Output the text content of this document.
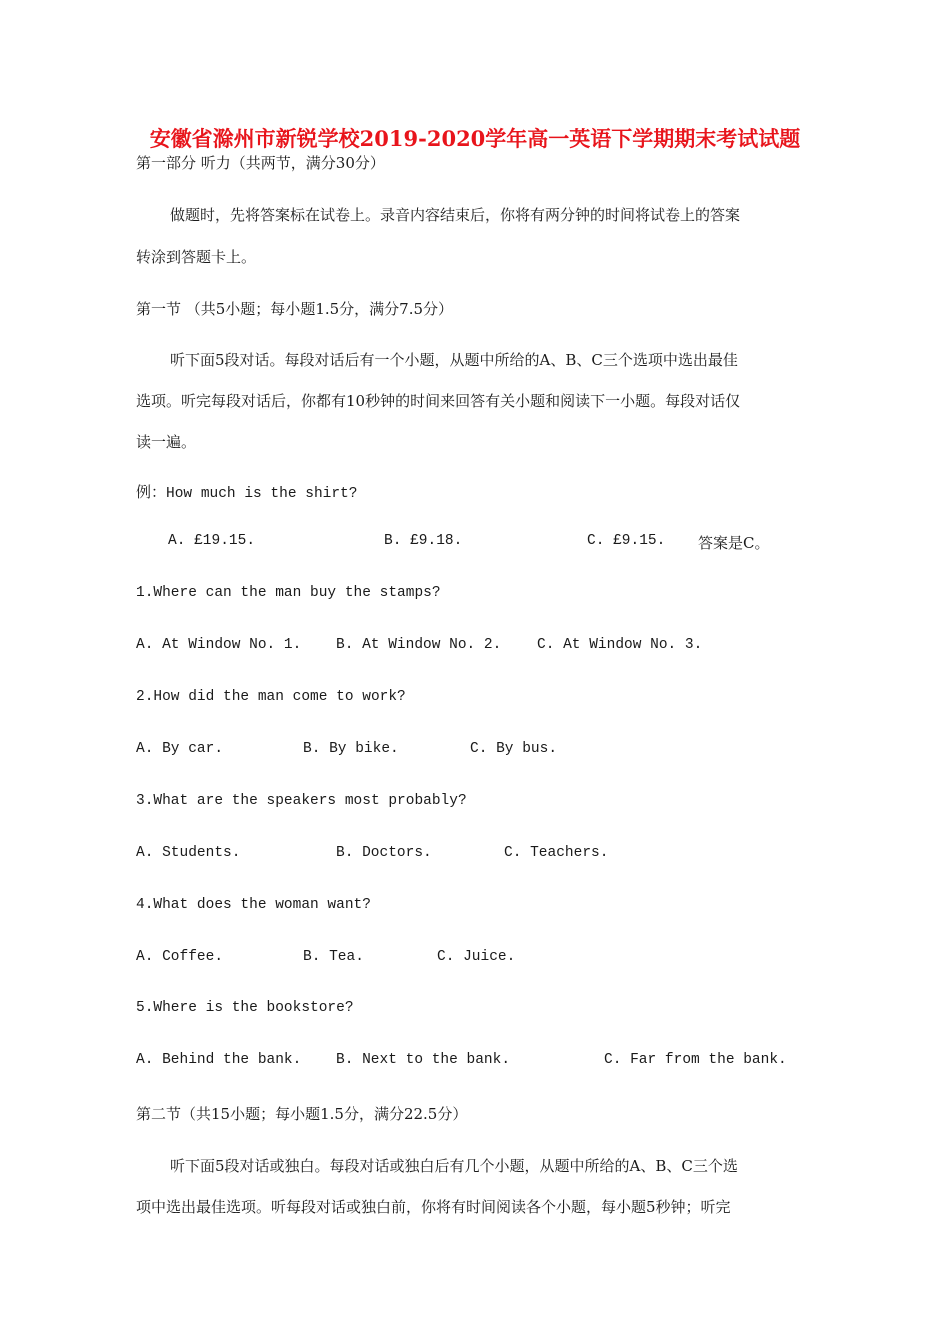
安徽省滁州市新锐学校2019-2020学年高一英语下学期期末考试试题
第一部分 听力（共两节，满分30分）
做题时，先将答案标在试卷上。录音内容结束后，你将有两分钟的时间将试卷上的答案
转涂到答题卡上。
第一节 （共5小题；每小题1.5分，满分7.5分）
听下面5段对话。每段对话后有一个小题，从题中所给的A、B、C三个选项中选出最佳
选项。听完每段对话后，你都有10秒钟的时间来回答有关小题和阅读下一小题。每段对话仅
读一遍。
例：How much is the shirt?
A. £19.15.	B. £9.18.	C. £9.15. 答案是C。
1.Where can the man buy the stamps?
A. At Window No. 1. B. At Window No. 2. C. At Window No. 3.
2.How did the man come to work?
A. By car.	B. By bike.	C. By bus.
3.What are the speakers most probably?
A. Students.	B. Doctors.	C. Teachers.
4.What does the woman want?
A. Coffee.	B. Tea.	C. Juice.
5.Where is the bookstore?
A. Behind the bank. B. Next to the bank.	C. Far from the bank.
第二节（共15小题；每小题1.5分，满分22.5分）
听下面5段对话或独白。每段对话或独白后有几个小题，从题中所给的A、B、C三个选
项中选出最佳选项。听每段对话或独白前，你将有时间阅读各个小题，每小题5秒钟；听完
